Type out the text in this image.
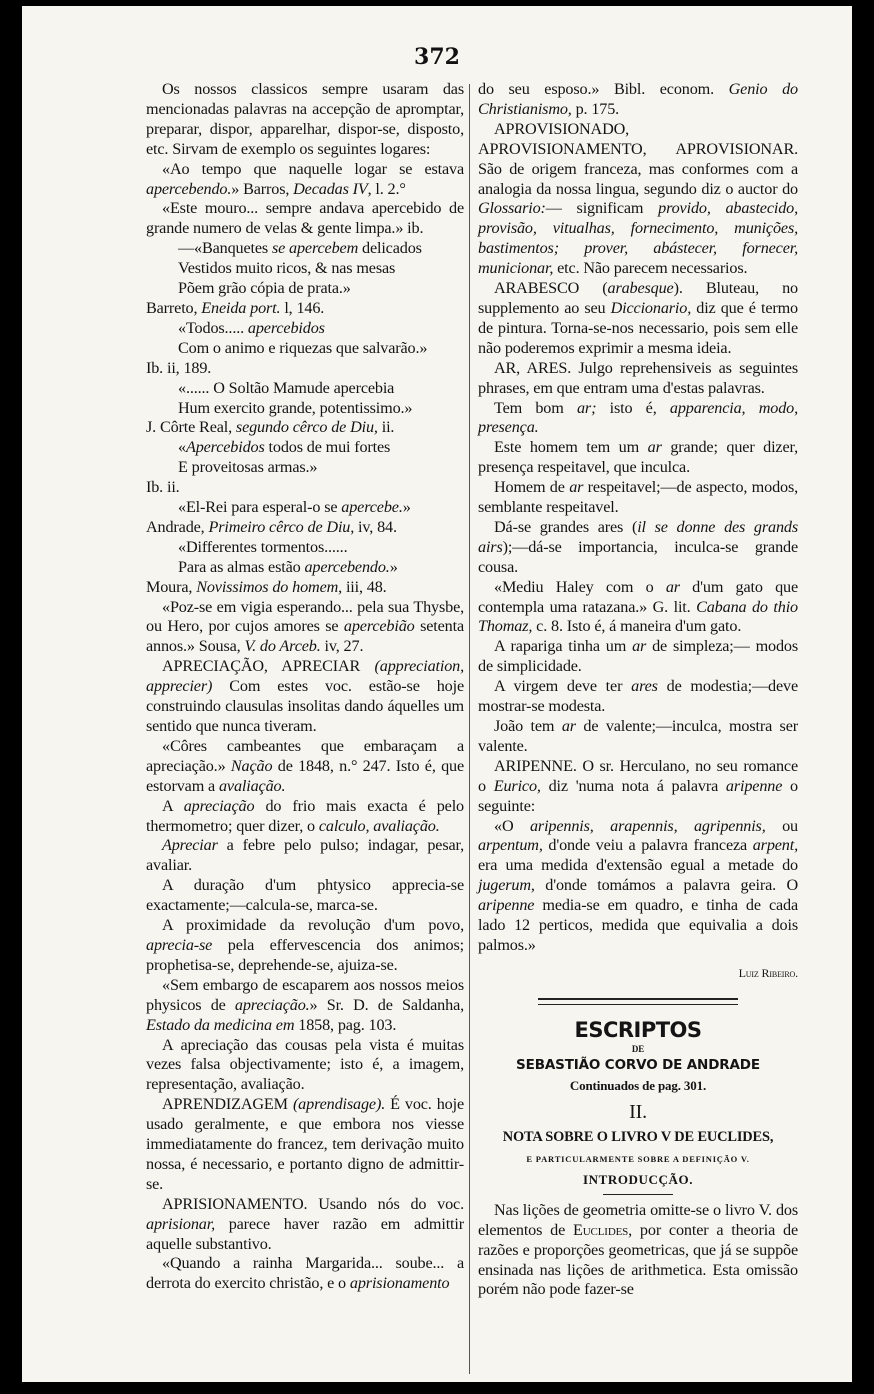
372

Os nossos classicos sempre usaram das mencionadas palavras na accepção de apromptar, preparar, dispor, apparelhar, dispor-se, disposto, etc. Sirvam de exemplo os seguintes logares:

«Ao tempo que naquelle logar se estava apercebendo.» Barros, Decadas IV, l. 2.°

«Este mouro... sempre andava apercebido de grande numero de velas & gente limpa.» ib.

—«Banquetes se apercebem delicados

Vestidos muito ricos, & nas mesas

Põem grão cópia de prata.»

Barreto, Eneida port. l, 146.

«Todos..... apercebidos

Com o animo e riquezas que salvarão.»

Ib. ii, 189.

«...... O Soltão Mamude apercebia

Hum exercito grande, potentissimo.»

J. Côrte Real, segundo cêrco de Diu, ii.

«Apercebidos todos de mui fortes

E proveitosas armas.»

Ib. ii.

«El-Rei para esperal-o se apercebe.»

Andrade, Primeiro cêrco de Diu, iv, 84.

«Differentes tormentos......

Para as almas estão apercebendo.»

Moura, Novissimos do homem, iii, 48.

«Poz-se em vigia esperando... pela sua Thysbe, ou Hero, por cujos amores se apercebião setenta annos.» Sousa, V. do Arceb. iv, 27.

APRECIAÇÃO, APRECIAR (appreciation, apprecier) Com estes voc. estão-se hoje construindo clausulas insolitas dando áquelles um sentido que nunca tiveram.

«Côres cambeantes que embaraçam a apreciação.» Nação de 1848, n.° 247. Isto é, que estorvam a avaliação.

A apreciação do frio mais exacta é pelo thermometro; quer dizer, o calculo, avaliação.

Apreciar a febre pelo pulso; indagar, pesar, avaliar.

A duração d'um phtysico apprecia-se exactamente;—calcula-se, marca-se.

A proximidade da revolução d'um povo, aprecia-se pela effervescencia dos animos; prophetisa-se, deprehende-se, ajuiza-se.

«Sem embargo de escaparem aos nossos meios physicos de apreciação.» Sr. D. de Saldanha, Estado da medicina em 1858, pag. 103.

A apreciação das cousas pela vista é muitas vezes falsa objectivamente; isto é, a imagem, representação, avaliação.

APRENDIZAGEM (aprendisage). É voc. hoje usado geralmente, e que embora nos viesse immediatamente do francez, tem derivação muito nossa, é necessario, e portanto digno de admittir-se.

APRISIONAMENTO. Usando nós do voc. aprisionar, parece haver razão em admittir aquelle substantivo.

«Quando a rainha Margarida... soube... a derrota do exercito christão, e o aprisionamento

do seu esposo.» Bibl. econom. Genio do Christianismo, p. 175.

APROVISIONADO, APROVISIONAMENTO, APROVISIONAR. São de origem franceza, mas conformes com a analogia da nossa lingua, segundo diz o auctor do Glossario:— significam provido, abastecido, provisão, vitualhas, fornecimento, munições, bastimentos; prover, abástecer, fornecer, municionar, etc. Não parecem necessarios.

ARABESCO (arabesque). Bluteau, no supplemento ao seu Diccionario, diz que é termo de pintura. Torna-se-nos necessario, pois sem elle não poderemos exprimir a mesma ideia.

AR, ARES. Julgo reprehensiveis as seguintes phrases, em que entram uma d'estas palavras.

Tem bom ar; isto é, apparencia, modo, presença.

Este homem tem um ar grande; quer dizer, presença respeitavel, que inculca.

Homem de ar respeitavel;—de aspecto, modos, semblante respeitavel.

Dá-se grandes ares (il se donne des grands airs);—dá-se importancia, inculca-se grande cousa.

«Mediu Haley com o ar d'um gato que contempla uma ratazana.» G. lit. Cabana do thio Thomaz, c. 8. Isto é, á maneira d'um gato.

A rapariga tinha um ar de simpleza;— modos de simplicidade.

A virgem deve ter ares de modestia;—deve mostrar-se modesta.

João tem ar de valente;—inculca, mostra ser valente.

ARIPENNE. O sr. Herculano, no seu romance o Eurico, diz 'numa nota á palavra aripenne o seguinte:

«O aripennis, arapennis, agripennis, ou arpentum, d'onde veiu a palavra franceza arpent, era uma medida d'extensão egual a metade do jugerum, d'onde tomámos a palavra geira. O aripenne media-se em quadro, e tinha de cada lado 12 perticos, medida que equivalia a dois palmos.»

Luiz Ribeiro.

ESCRIPTOS

DE

SEBASTIÃO CORVO DE ANDRADE

Continuados de pag. 301.

II.

NOTA SOBRE O LIVRO V DE EUCLIDES,

E PARTICULARMENTE SOBRE A DEFINIÇÃO V.

INTRODUCÇÃO.

Nas lições de geometria omitte-se o livro V. dos elementos de Euclides, por conter a theoria de razões e proporções geometricas, que já se suppõe ensinada nas lições de arithmetica. Esta omissão porém não pode fazer-se
